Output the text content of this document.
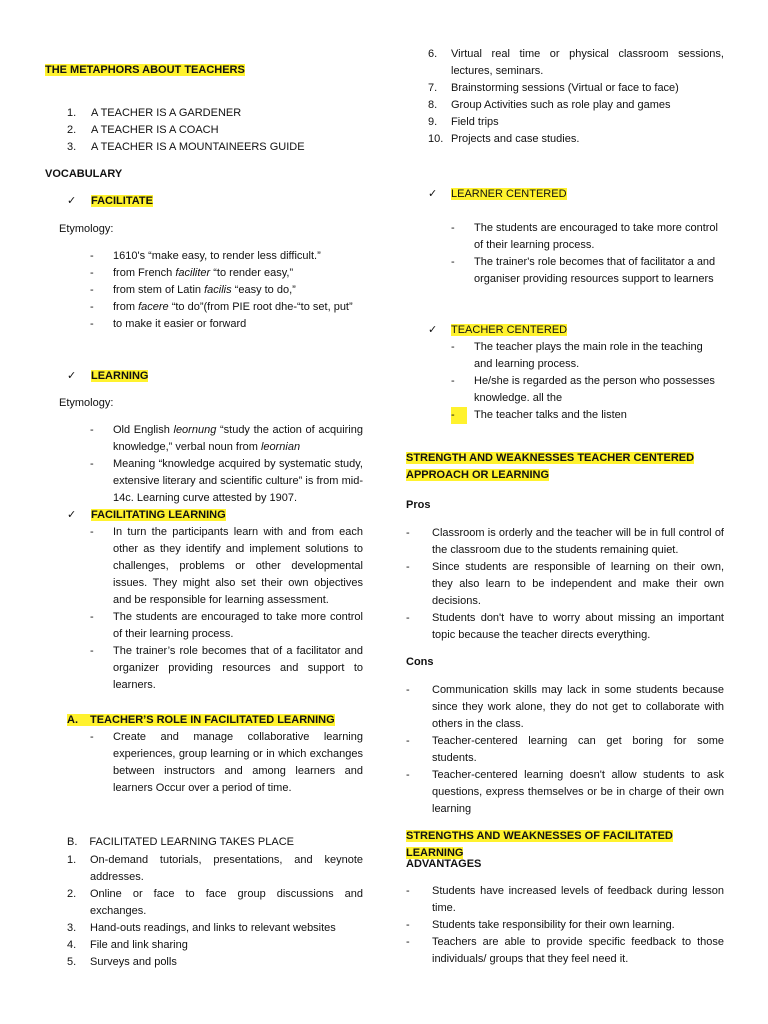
THE METAPHORS ABOUT TEACHERS
1. A TEACHER IS A GARDENER
2. A TEACHER IS A COACH
3. A TEACHER IS A MOUNTAINEERS GUIDE
VOCABULARY
✓ FACILITATE
Etymology:
- 1610's “make easy, to render less difficult.”
- from French faciliter “to render easy,”
- from stem of Latin facilis “easy to do,”
- from facere “to do”(from PIE root dhe-“to set, put”
- to make it easier or forward
✓ LEARNING
Etymology:
- Old English leornung “study the action of acquiring knowledge,” verbal noun from leornian
- Meaning “knowledge acquired by systematic study, extensive literary and scientific culture” is from mid-14c. Learning curve attested by 1907.
✓ FACILITATING LEARNING
- In turn the participants learn with and from each other as they identify and implement solutions to challenges, problems or other developmental issues. They might also set their own objectives and be responsible for learning assessment.
- The students are encouraged to take more control of their learning process.
- The trainer’s role becomes that of a facilitator and organizer providing resources and support to learners.
A. TEACHER’S ROLE IN FACILITATED LEARNING
- Create and manage collaborative learning experiences, group learning or in which exchanges between instructors and among learners and learners Occur over a period of time.
B. FACILITATED LEARNING TAKES PLACE
1. On-demand tutorials, presentations, and keynote addresses.
2. Online or face to face group discussions and exchanges.
3. Hand-outs readings, and links to relevant websites
4. File and link sharing
5. Surveys and polls
6. Virtual real time or physical classroom sessions, lectures, seminars.
7. Brainstorming sessions (Virtual or face to face)
8. Group Activities such as role play and games
9. Field trips
10. Projects and case studies.
✓ LEARNER CENTERED
- The students are encouraged to take more control of their learning process.
- The trainer's role becomes that of facilitator a and organiser providing resources support to learners
✓ TEACHER CENTERED
- The teacher plays the main role in the teaching and learning process.
- He/she is regarded as the person who possesses knowledge. all the
-	The teacher talks and the listen
STRENGTH AND WEAKNESSES TEACHER CENTERED
APPROACH OR LEARNING
Pros
- Classroom is orderly and the teacher will be in full control of the classroom due to the students remaining quiet.
- Since students are responsible of learning on their own, they also learn to be independent and make their own decisions.
- Students don't have to worry about missing an important topic because the teacher directs everything.
Cons
- Communication skills may lack in some students because since they work alone, they do not get to collaborate with others in the class.
- Teacher-centered learning can get boring for some students.
- Teacher-centered learning doesn't allow students to ask questions, express themselves or be in charge of their own learning
STRENGTHS AND WEAKNESSES OF FACILITATED LEARNING
ADVANTAGES
- Students have increased levels of feedback during lesson time.
- Students take responsibility for their own learning.
- Teachers are able to provide specific feedback to those individuals/ groups that they feel need it.
